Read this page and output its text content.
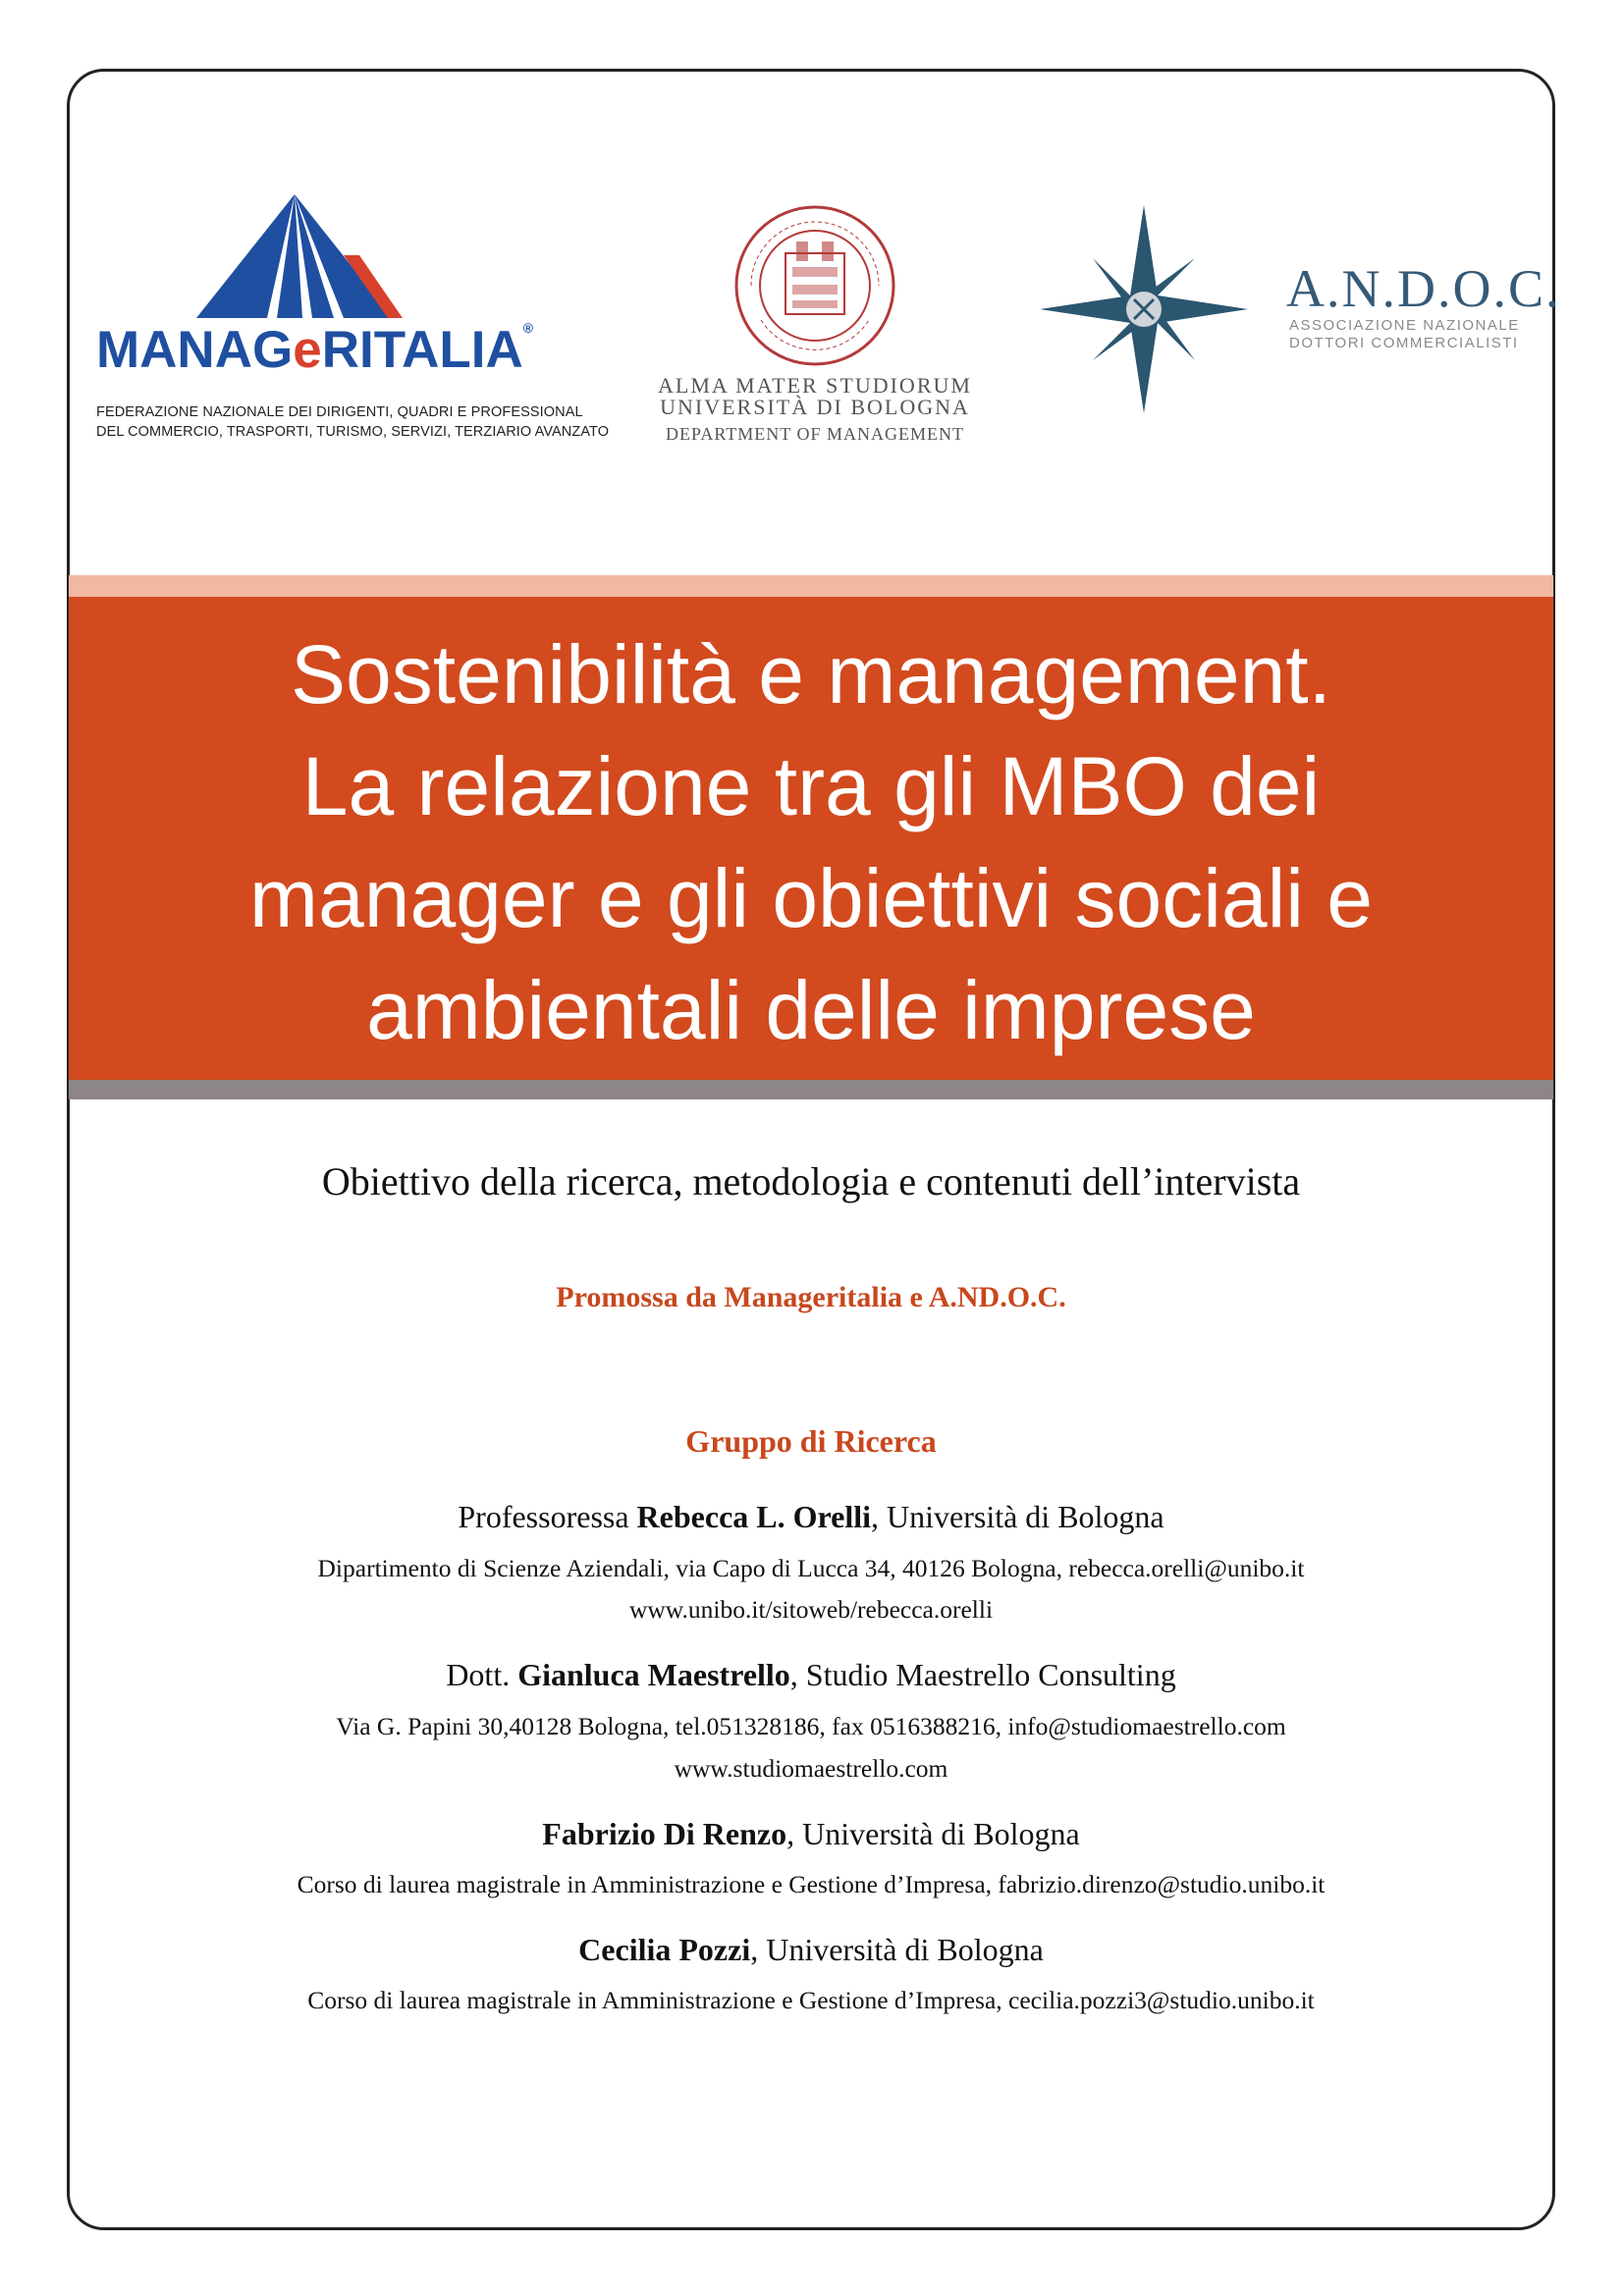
MANAGeRITALIA®
FEDERAZIONE NAZIONALE DEI DIRIGENTI, QUADRI E PROFESSIONAL
DEL COMMERCIO, TRASPORTI, TURISMO, SERVIZI, TERZIARIO AVANZATO
ALMA MATER STUDIORUM
UNIVERSITÀ DI BOLOGNA
DEPARTMENT OF MANAGEMENT
A.N.D.O.C.
ASSOCIAZIONE NAZIONALE
DOTTORI COMMERCIALISTI
Sostenibilità e management.
La relazione tra gli MBO dei
manager e gli obiettivi sociali e
ambientali delle imprese

Obiettivo della ricerca, metodologia e contenuti dell’intervista

Promossa da Manageritalia e A.ND.O.C.

Gruppo di Ricerca

Professoressa Rebecca L. Orelli, Università di Bologna

Dipartimento di Scienze Aziendali, via Capo di Lucca 34, 40126 Bologna, rebecca.orelli@unibo.it

www.unibo.it/sitoweb/rebecca.orelli

Dott. Gianluca Maestrello, Studio Maestrello Consulting

Via G. Papini 30,40128 Bologna, tel.051328186, fax 0516388216, info@studiomaestrello.com

www.studiomaestrello.com

Fabrizio Di Renzo, Università di Bologna

Corso di laurea magistrale in Amministrazione e Gestione d’Impresa, fabrizio.direnzo@studio.unibo.it

Cecilia Pozzi, Università di Bologna

Corso di laurea magistrale in Amministrazione e Gestione d’Impresa, cecilia.pozzi3@studio.unibo.it
